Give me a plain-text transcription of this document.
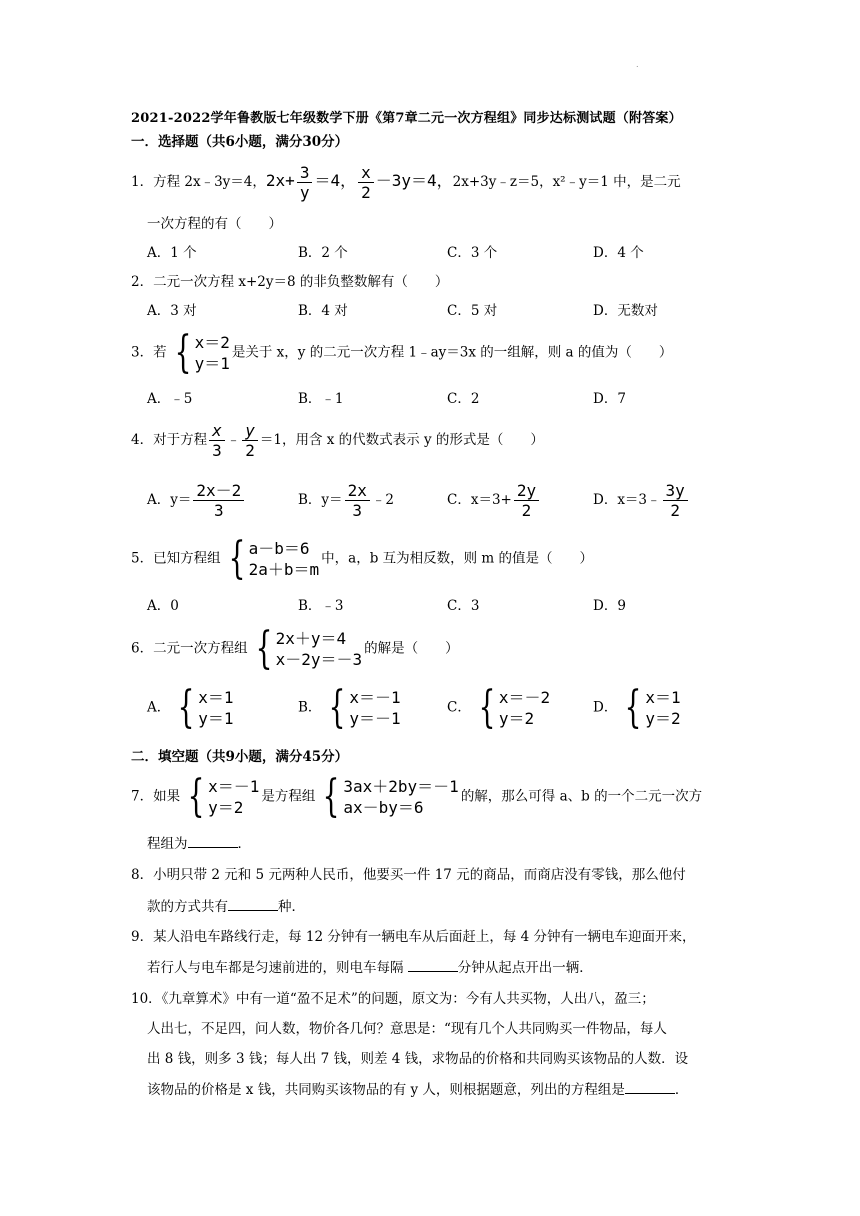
.
2021-2022学年鲁教版七年级数学下册《第7章二元一次方程组》同步达标测试题（附答案）
一．选择题（共6小题，满分30分）
1．方程 2x﹣3y＝4，$2x+ \frac{3}{y} =4$， $\frac{x}{2} -3y=4$，2x+3y﹣z＝5，x²﹣y＝1 中，是二元
一次方程的有（　　）
A．1 个	B．2 个	C．3 个	D．4 个
2．二元一次方程 x+2y＝8 的非负整数解有（　　）
A．3 对	B．4 对	C．5 对	D．无数对
3．若 { x＝2
y＝1
是关于 x，y 的二元一次方程 1﹣ay＝3x 的一组解，则 a 的值为（　　）
A．﹣5	B．﹣1	C．2	D．7
4．对于方程 $\frac{x}{3}$ ﹣ $\frac{y}{2} =1$，用含 x 的代数式表示 y 的形式是（　　）
A．$y= \frac{2x-2}{3}$	B．$y= \frac{2x}{3}$ ﹣2	C．$x=3+ \frac{2y}{2}$	D．x＝3﹣ $\frac{3y}{2}$
5．已知方程组 { a－b＝6
2a＋b＝m
中，a，b 互为相反数，则 m 的值是（　　）
A．0	B．﹣3	C．3	D．9
6．二元一次方程组 { 2x＋y＝4
x－2y＝－3
的解是（　　）
A． { x＝1
y＝1
B． { x＝－1
y＝－1
C． { x＝－2
y＝2
D． { x＝1
y＝2
二．填空题（共9小题，满分45分）
7．如果 { x＝－1
y＝2
是方程组 { 3ax＋2by＝－1
ax－by＝6
的解，那么可得 a、b 的一个二元一次方
程组为	．
8．小明只带 2 元和 5 元两种人民币，他要买一件 17 元的商品，而商店没有零钱，那么他付
款的方式共有	种．
9．某人沿电车路线行走，每 12 分钟有一辆电车从后面赶上，每 4 分钟有一辆电车迎面开来，
若行人与电车都是匀速前进的，则电车每隔	分钟从起点开出一辆．
10．《九章算术》中有一道“盈不足术”的问题，原文为：今有人共买物，人出八，盈三；
人出七，不足四，问人数，物价各几何？意思是：“现有几个人共同购买一件物品，每人
出 8 钱，则多 3 钱；每人出 7 钱，则差 4 钱，求物品的价格和共同购买该物品的人数．设
该物品的价格是 x 钱，共同购买该物品的有 y 人，则根据题意，列出的方程组是	．
